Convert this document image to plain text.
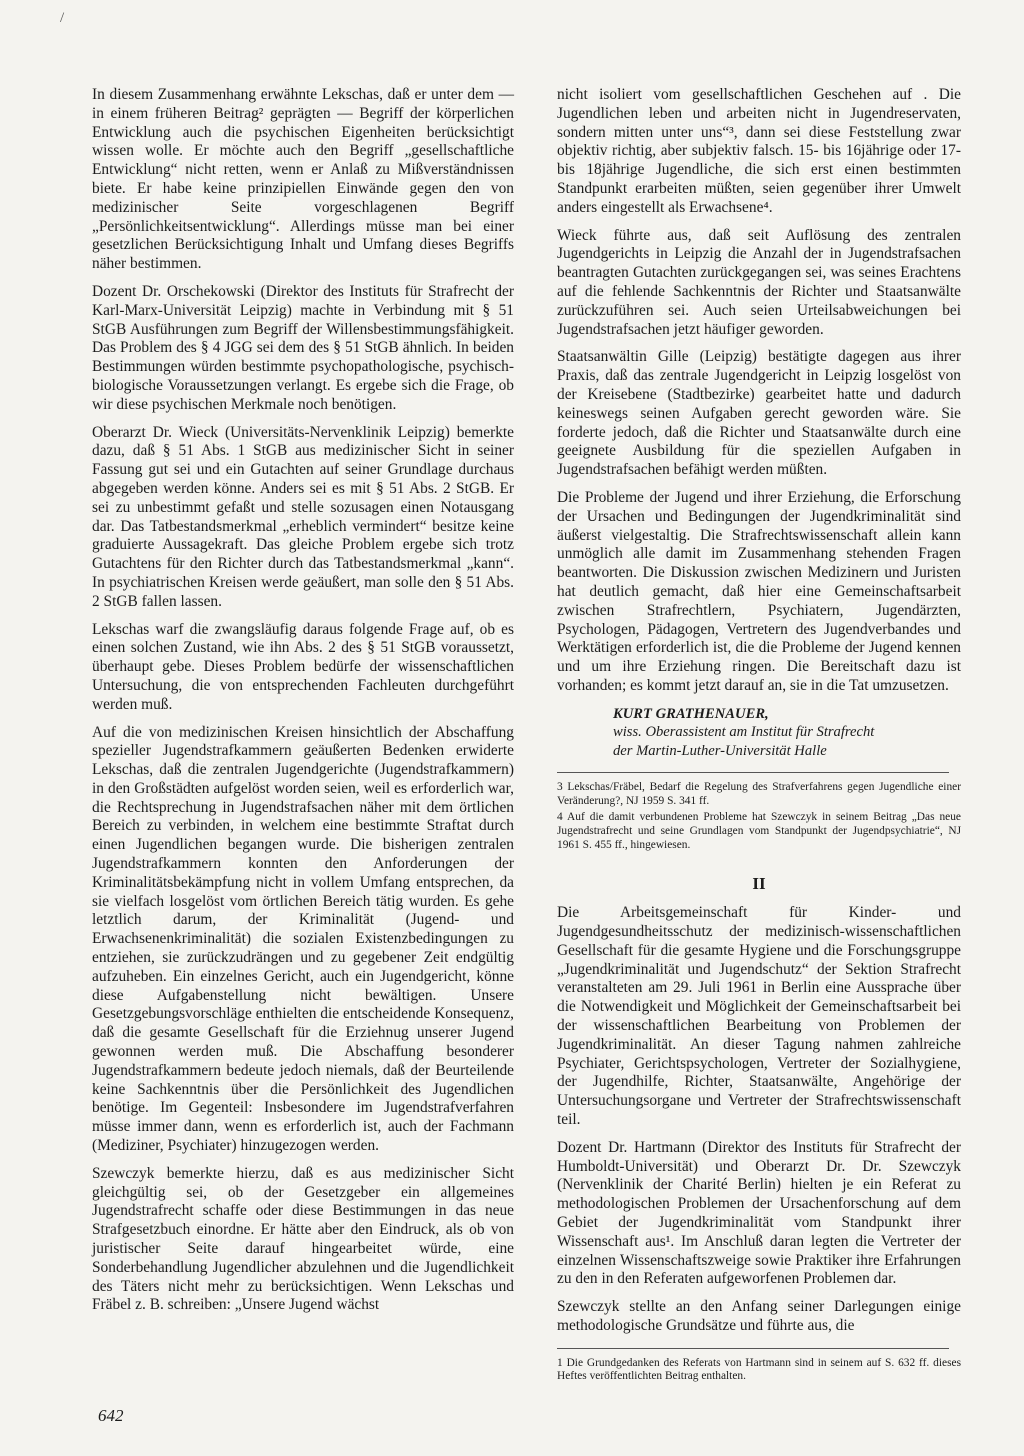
/

In diesem Zusammenhang erwähnte Lekschas, daß er unter dem — in einem früheren Beitrag² geprägten — Begriff der körperlichen Entwicklung auch die psychischen Eigenheiten berücksichtigt wissen wolle. Er möchte auch den Begriff „gesellschaftliche Entwicklung“ nicht retten, wenn er Anlaß zu Mißverständnissen biete. Er habe keine prinzipiellen Einwände gegen den von medizinischer Seite vorgeschlagenen Begriff „Persönlichkeitsentwicklung“. Allerdings müsse man bei einer gesetzlichen Berücksichtigung Inhalt und Umfang dieses Begriffs näher bestimmen.

Dozent Dr. Orschekowski (Direktor des Instituts für Strafrecht der Karl-Marx-Universität Leipzig) machte in Verbindung mit § 51 StGB Ausführungen zum Begriff der Willensbestimmungsfähigkeit. Das Problem des § 4 JGG sei dem des § 51 StGB ähnlich. In beiden Bestimmungen würden bestimmte psychopathologische, psychisch-biologische Voraussetzungen verlangt. Es ergebe sich die Frage, ob wir diese psychischen Merkmale noch benötigen.

Oberarzt Dr. Wieck (Universitäts-Nervenklinik Leipzig) bemerkte dazu, daß § 51 Abs. 1 StGB aus medizinischer Sicht in seiner Fassung gut sei und ein Gutachten auf seiner Grundlage durchaus abgegeben werden könne. Anders sei es mit § 51 Abs. 2 StGB. Er sei zu unbestimmt gefaßt und stelle sozusagen einen Notausgang dar. Das Tatbestandsmerkmal „erheblich vermindert“ besitze keine graduierte Aussagekraft. Das gleiche Problem ergebe sich trotz Gutachtens für den Richter durch das Tatbestandsmerkmal „kann“. In psychiatrischen Kreisen werde geäußert, man solle den § 51 Abs. 2 StGB fallen lassen.

Lekschas warf die zwangsläufig daraus folgende Frage auf, ob es einen solchen Zustand, wie ihn Abs. 2 des § 51 StGB voraussetzt, überhaupt gebe. Dieses Problem bedürfe der wissenschaftlichen Untersuchung, die von entsprechenden Fachleuten durchgeführt werden muß.

Auf die von medizinischen Kreisen hinsichtlich der Abschaffung spezieller Jugendstrafkammern geäußerten Bedenken erwiderte Lekschas, daß die zentralen Jugendgerichte (Jugendstrafkammern) in den Großstädten aufgelöst worden seien, weil es erforderlich war, die Rechtsprechung in Jugendstrafsachen näher mit dem örtlichen Bereich zu verbinden, in welchem eine bestimmte Straftat durch einen Jugendlichen begangen wurde. Die bisherigen zentralen Jugendstrafkammern konnten den Anforderungen der Kriminalitätsbekämpfung nicht in vollem Umfang entsprechen, da sie vielfach losgelöst vom örtlichen Bereich tätig wurden. Es gehe letztlich darum, der Kriminalität (Jugend- und Erwachsenenkriminalität) die sozialen Existenzbedingungen zu entziehen, sie zurückzudrängen und zu gegebener Zeit endgültig aufzuheben. Ein einzelnes Gericht, auch ein Jugendgericht, könne diese Aufgabenstellung nicht bewältigen. Unsere Gesetzgebungsvorschläge enthielten die entscheidende Konsequenz, daß die gesamte Gesellschaft für die Erziehnug unserer Jugend gewonnen werden muß. Die Abschaffung besonderer Jugendstrafkammern bedeute jedoch niemals, daß der Beurteilende keine Sachkenntnis über die Persönlichkeit des Jugendlichen benötige. Im Gegenteil: Insbesondere im Jugendstrafverfahren müsse immer dann, wenn es erforderlich ist, auch der Fachmann (Mediziner, Psychiater) hinzugezogen werden.

Szewczyk bemerkte hierzu, daß es aus medizinischer Sicht gleichgültig sei, ob der Gesetzgeber ein allgemeines Jugendstrafrecht schaffe oder diese Bestimmungen in das neue Strafgesetzbuch einordne. Er hätte aber den Eindruck, als ob von juristischer Seite darauf hingearbeitet würde, eine Sonderbehandlung Jugendlicher abzulehnen und die Jugendlichkeit des Täters nicht mehr zu berücksichtigen. Wenn Lekschas und Fräbel z. B. schreiben: „Unsere Jugend wächst

nicht isoliert vom gesellschaftlichen Geschehen auf . Die Jugendlichen leben und arbeiten nicht in Jugendreservaten, sondern mitten unter uns“³, dann sei diese Feststellung zwar objektiv richtig, aber subjektiv falsch. 15- bis 16jährige oder 17- bis 18jährige Jugendliche, die sich erst einen bestimmten Standpunkt erarbeiten müßten, seien gegenüber ihrer Umwelt anders eingestellt als Erwachsene⁴.

Wieck führte aus, daß seit Auflösung des zentralen Jugendgerichts in Leipzig die Anzahl der in Jugendstrafsachen beantragten Gutachten zurückgegangen sei, was seines Erachtens auf die fehlende Sachkenntnis der Richter und Staatsanwälte zurückzuführen sei. Auch seien Urteilsabweichungen bei Jugendstrafsachen jetzt häufiger geworden.

Staatsanwältin Gille (Leipzig) bestätigte dagegen aus ihrer Praxis, daß das zentrale Jugendgericht in Leipzig losgelöst von der Kreisebene (Stadtbezirke) gearbeitet hatte und dadurch keineswegs seinen Aufgaben gerecht geworden wäre. Sie forderte jedoch, daß die Richter und Staatsanwälte durch eine geeignete Ausbildung für die speziellen Aufgaben in Jugendstrafsachen befähigt werden müßten.

Die Probleme der Jugend und ihrer Erziehung, die Erforschung der Ursachen und Bedingungen der Jugendkriminalität sind äußerst vielgestaltig. Die Strafrechtswissenschaft allein kann unmöglich alle damit im Zusammenhang stehenden Fragen beantworten. Die Diskussion zwischen Medizinern und Juristen hat deutlich gemacht, daß hier eine Gemeinschaftsarbeit zwischen Strafrechtlern, Psychiatern, Jugendärzten, Psychologen, Pädagogen, Vertretern des Jugendverbandes und Werktätigen erforderlich ist, die die Probleme der Jugend kennen und um ihre Erziehung ringen. Die Bereitschaft dazu ist vorhanden; es kommt jetzt darauf an, sie in die Tat umzusetzen.

KURT GRATHENAUER,
wiss. Oberassistent am Institut für Strafrecht
der Martin-Luther-Universität Halle

3 Lekschas/Fräbel, Bedarf die Regelung des Strafverfahrens gegen Jugendliche einer Veränderung?, NJ 1959 S. 341 ff.

4 Auf die damit verbundenen Probleme hat Szewczyk in seinem Beitrag „Das neue Jugendstrafrecht und seine Grundlagen vom Standpunkt der Jugendpsychiatrie“, NJ 1961 S. 455 ff., hingewiesen.

II

Die Arbeitsgemeinschaft für Kinder- und Jugendgesundheitsschutz der medizinisch-wissenschaftlichen Gesellschaft für die gesamte Hygiene und die Forschungsgruppe „Jugendkriminalität und Jugendschutz“ der Sektion Strafrecht veranstalteten am 29. Juli 1961 in Berlin eine Aussprache über die Notwendigkeit und Möglichkeit der Gemeinschaftsarbeit bei der wissenschaftlichen Bearbeitung von Problemen der Jugendkriminalität. An dieser Tagung nahmen zahlreiche Psychiater, Gerichtspsychologen, Vertreter der Sozialhygiene, der Jugendhilfe, Richter, Staatsanwälte, Angehörige der Untersuchungsorgane und Vertreter der Strafrechtswissenschaft teil.

Dozent Dr. Hartmann (Direktor des Instituts für Strafrecht der Humboldt-Universität) und Oberarzt Dr. Dr. Szewczyk (Nervenklinik der Charité Berlin) hielten je ein Referat zu methodologischen Problemen der Ursachenforschung auf dem Gebiet der Jugendkriminalität vom Standpunkt ihrer Wissenschaft aus¹. Im Anschluß daran legten die Vertreter der einzelnen Wissenschaftszweige sowie Praktiker ihre Erfahrungen zu den in den Referaten aufgeworfenen Problemen dar.

Szewczyk stellte an den Anfang seiner Darlegungen einige methodologische Grundsätze und führte aus, die

1 Die Grundgedanken des Referats von Hartmann sind in seinem auf S. 632 ff. dieses Heftes veröffentlichten Beitrag enthalten.

642
